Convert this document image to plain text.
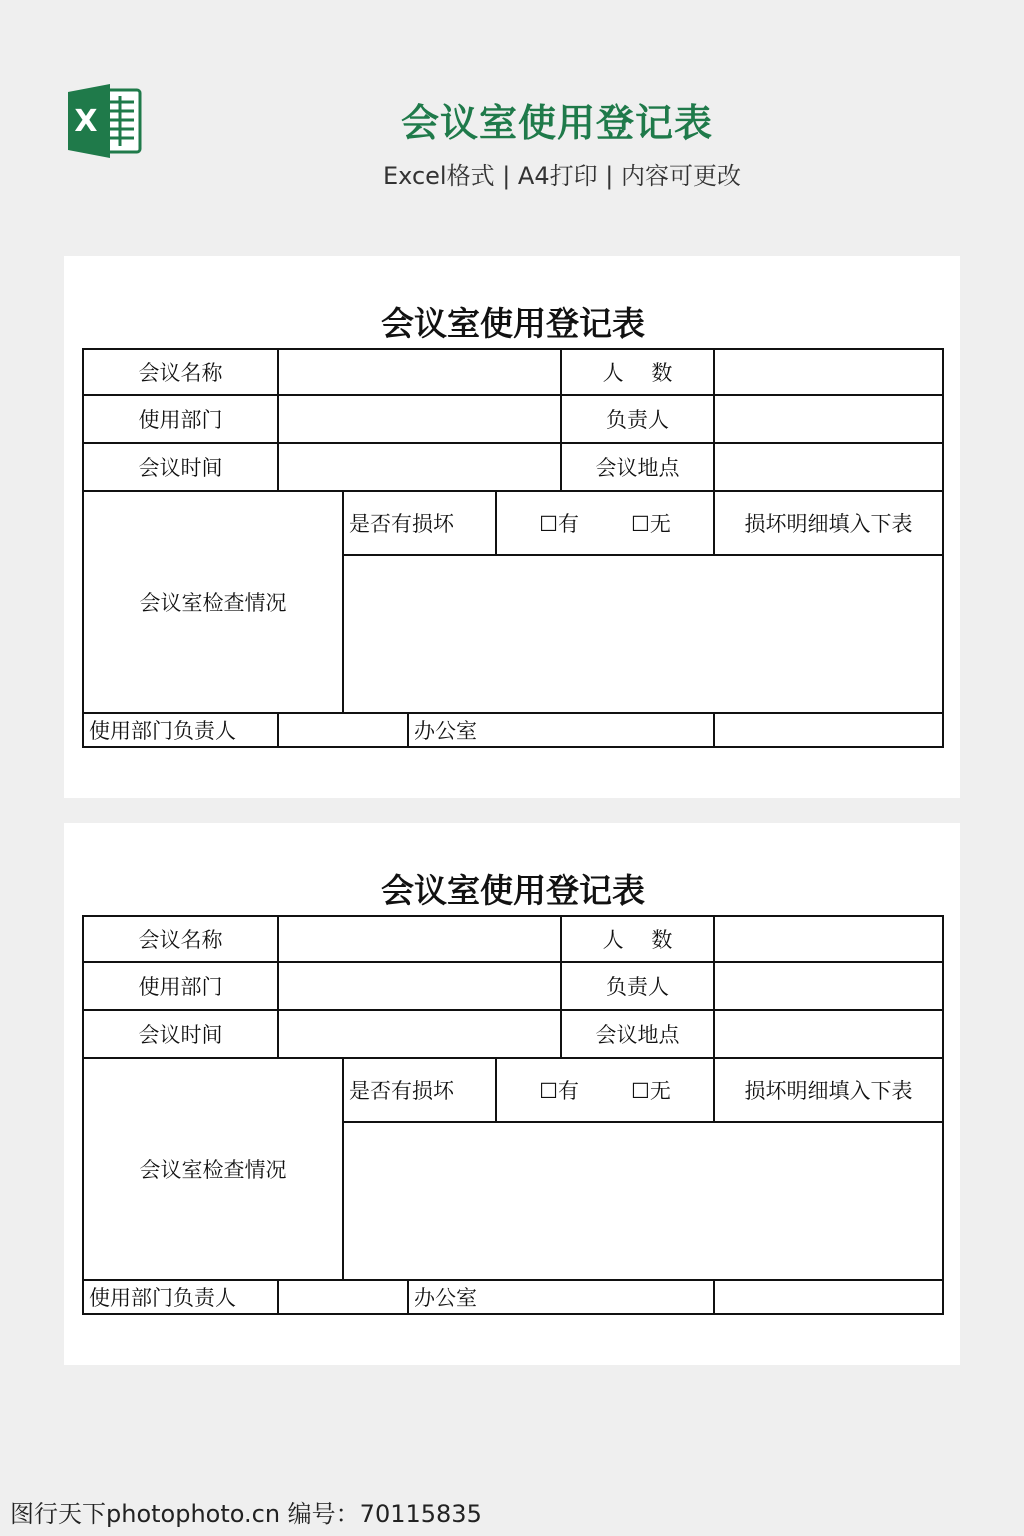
X	会议室使用登记表
Excel格式 | A4打印 | 内容可更改
会议室使用登记表
会议名称					人　 数	
使用部门					负责人	
会议时间					会议地点	
会议室检查情况		是否有损坏		☐有 ☐无		损坏明细填入下表

使用部门负责人			办公室			
会议室使用登记表
会议名称					人　 数	
使用部门					负责人	
会议时间					会议地点	
会议室检查情况		是否有损坏		☐有 ☐无		损坏明细填入下表

使用部门负责人			办公室			
图行天下photophoto.cn 编号：70115835
